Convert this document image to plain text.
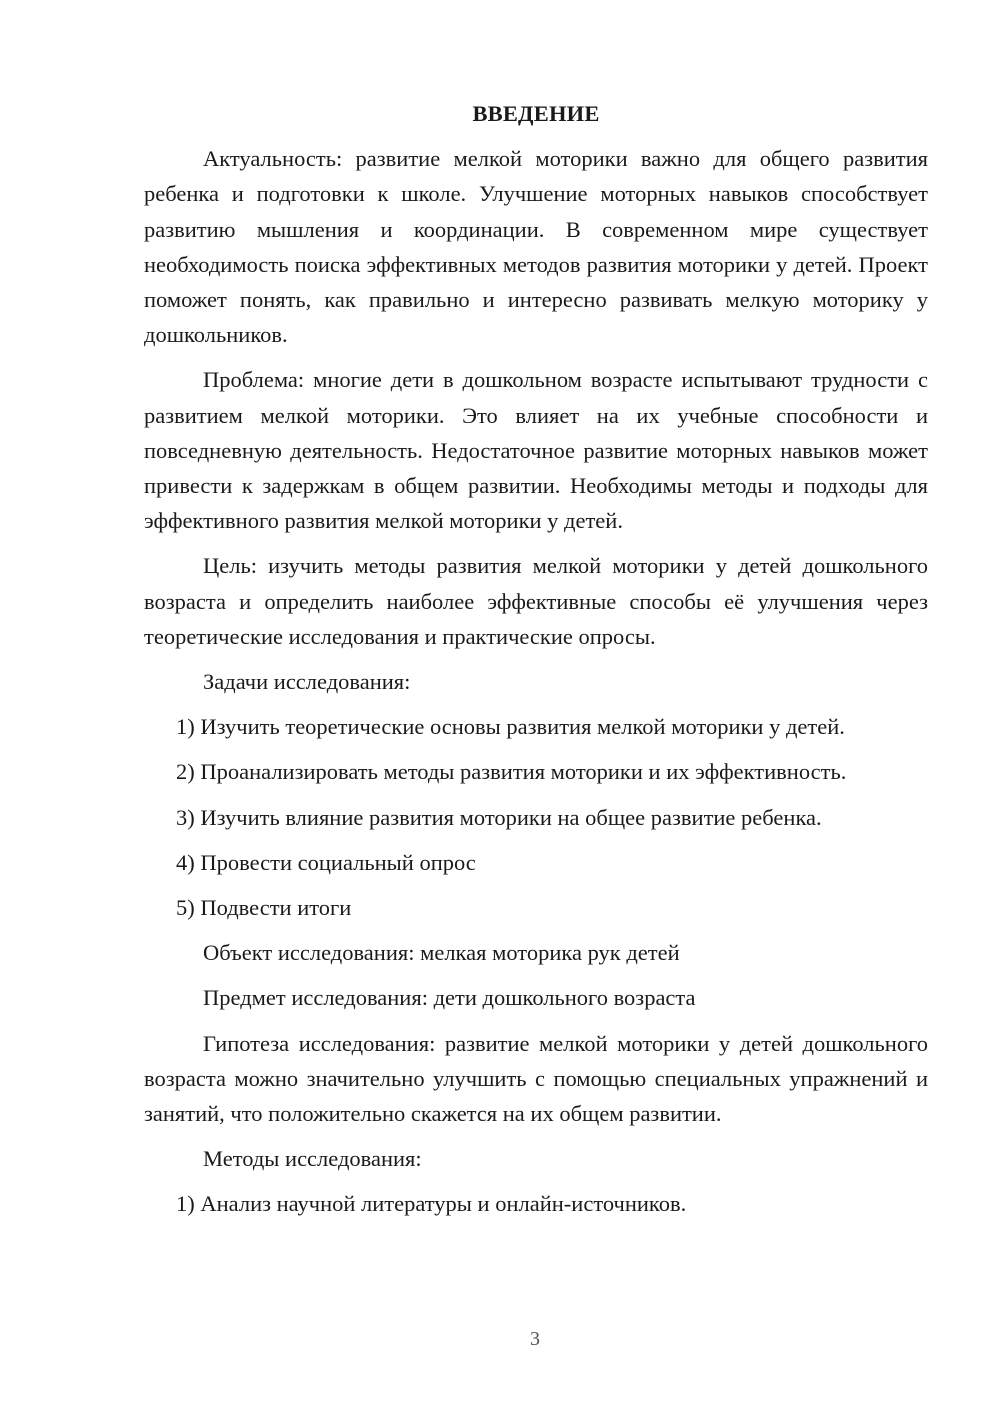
ВВЕДЕНИЕ

Актуальность: развитие мелкой моторики важно для общего развития ребенка и подготовки к школе. Улучшение моторных навыков способствует развитию мышления и координации. В современном мире существует необходимость поиска эффективных методов развития моторики у детей. Проект поможет понять, как правильно и интересно развивать мелкую моторику у дошкольников.

Проблема: многие дети в дошкольном возрасте испытывают трудности с развитием мелкой моторики. Это влияет на их учебные способности и повседневную деятельность. Недостаточное развитие моторных навыков может привести к задержкам в общем развитии. Необходимы методы и подходы для эффективного развития мелкой моторики у детей.

Цель: изучить методы развития мелкой моторики у детей дошкольного возраста и определить наиболее эффективные способы её улучшения через теоретические исследования и практические опросы.

Задачи исследования:

1) Изучить теоретические основы развития мелкой моторики у детей.

2) Проанализировать методы развития моторики и их эффективность.

3) Изучить влияние развития моторики на общее развитие ребенка.

4) Провести социальный опрос

5) Подвести итоги

Объект исследования: мелкая моторика рук детей

Предмет исследования: дети дошкольного возраста

Гипотеза исследования: развитие мелкой моторики у детей дошкольного возраста можно значительно улучшить с помощью специальных упражнений и занятий, что положительно скажется на их общем развитии.

Методы исследования:

1) Анализ научной литературы и онлайн-источников.

3
